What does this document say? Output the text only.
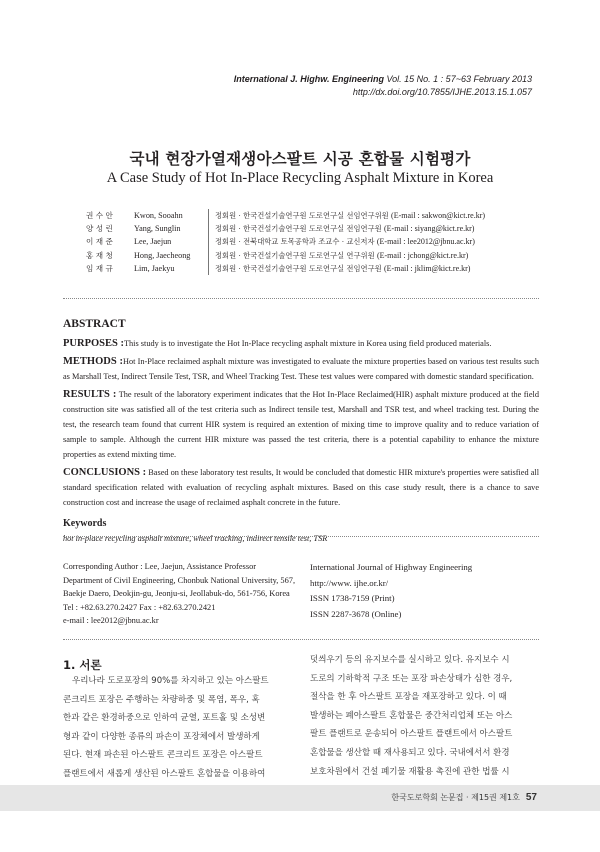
International J. Highw. Engineering Vol. 15 No. 1 : 57~63 February 2013
http://dx.doi.org/10.7855/IJHE.2013.15.1.057
국내 현장가열재생아스팔트 시공 혼합물 시험평가
A Case Study of Hot In-Place Recycling Asphalt Mixture in Korea
권 수 안	Kwon, Sooahn	정회원 · 한국건설기술연구원 도로연구실 선임연구위원 (E-mail : sakwon@kict.re.kr)
양 성 린	Yang, Sunglin	정회원 · 한국건설기술연구원 도로연구실 전임연구원 (E-mail : siyang@kict.re.kr)
이 재 준	Lee, Jaejun	정회원 · 전북대학교 토목공학과 조교수 · 교신저자 (E-mail : lee2012@jbnu.ac.kr)
홍 재 청	Hong, Jaecheong	정회원 · 한국건설기술연구원 도로연구실 연구위원 (E-mail : jchong@kict.re.kr)
임 재 규	Lim, Jaekyu	정회원 · 한국건설기술연구원 도로연구실 전임연구원 (E-mail : jklim@kict.re.kr)
ABSTRACT

PURPOSES :This study is to investigate the Hot In-Place recycling asphalt mixture in Korea using field produced materials.

METHODS :Hot In-Place reclaimed asphalt mixture was investigated to evaluate the mixture properties based on various test results such as Marshall Test, Indirect Tensile Test, TSR, and Wheel Tracking Test. These test values were compared with domestic standard specification.

RESULTS : The result of the laboratory experiment indicates that the Hot In-Place Reclaimed(HIR) asphalt mixture produced at the field construction site was satisfied all of the test criteria such as Indirect tensile test, Marshall and TSR test, and wheel tracking test. During the test, the research team found that current HIR system is required an extention of mixing time to improve quality and to reduce variation of sample to sample. Although the current HIR mixture was passed the test criteria, there is a potential capability to enhance the mixture properties as extend mixting time.

CONCLUSIONS : Based on these laboratory test results, It would be concluded that domestic HIR mixture's properties were satisfied all standard specification related with evaluation of recycling asphalt mixtures. Based on this case study result, there is a chance to save construction cost and increase the usage of reclaimed asphalt concrete in the future.

Keywords
hot in-place recycling asphalt mixture, wheel tracking, indirect tensile test, TSR
Corresponding Author : Lee, Jaejun, Assistance Professor
Department of Civil Engineering, Chonbuk National University, 567,
Baekje Daero, Deokjin-gu, Jeonju-si, Jeollabuk-do, 561-756, Korea
Tel : +82.63.270.2427 Fax : +82.63.270.2421
e-mail : lee2012@jbnu.ac.kr
International Journal of Highway Engineering
http://www. ijhe.or.kr/
ISSN 1738-7159 (Print)
ISSN 2287-3678 (Online)
1. 서론
우리나라 도로포장의 90%를 차지하고 있는 아스팔트
콘크리트 포장은 주행하는 차량하중 및 폭염, 폭우, 혹
한과 같은 환경하중으로 인하여 균열, 포트홀 및 소성변
형과 같이 다양한 종류의 파손이 포장체에서 발생하게
된다. 현재 파손된 아스팔트 콘크리트 포장은 아스팔트
플랜트에서 새롭게 생산된 아스팔트 혼합물을 이용하여
덧씌우기 등의 유지보수를 실시하고 있다. 유지보수 시
도로의 기하학적 구조 또는 포장 파손상태가 심한 경우,
절삭을 한 후 아스팔트 포장을 재포장하고 있다. 이 때
발생하는 폐아스팔트 혼합물은 중간처리업체 또는 아스
팔트 플랜트로 운송되어 아스팔트 플랜트에서 아스팔트
혼합물을 생산할 때 재사용되고 있다. 국내에서서 환경
보호차원에서 건설 폐기물 재활용 촉진에 관한 법률 시
한국도로학회 논문집 · 제15권 제1호 57
